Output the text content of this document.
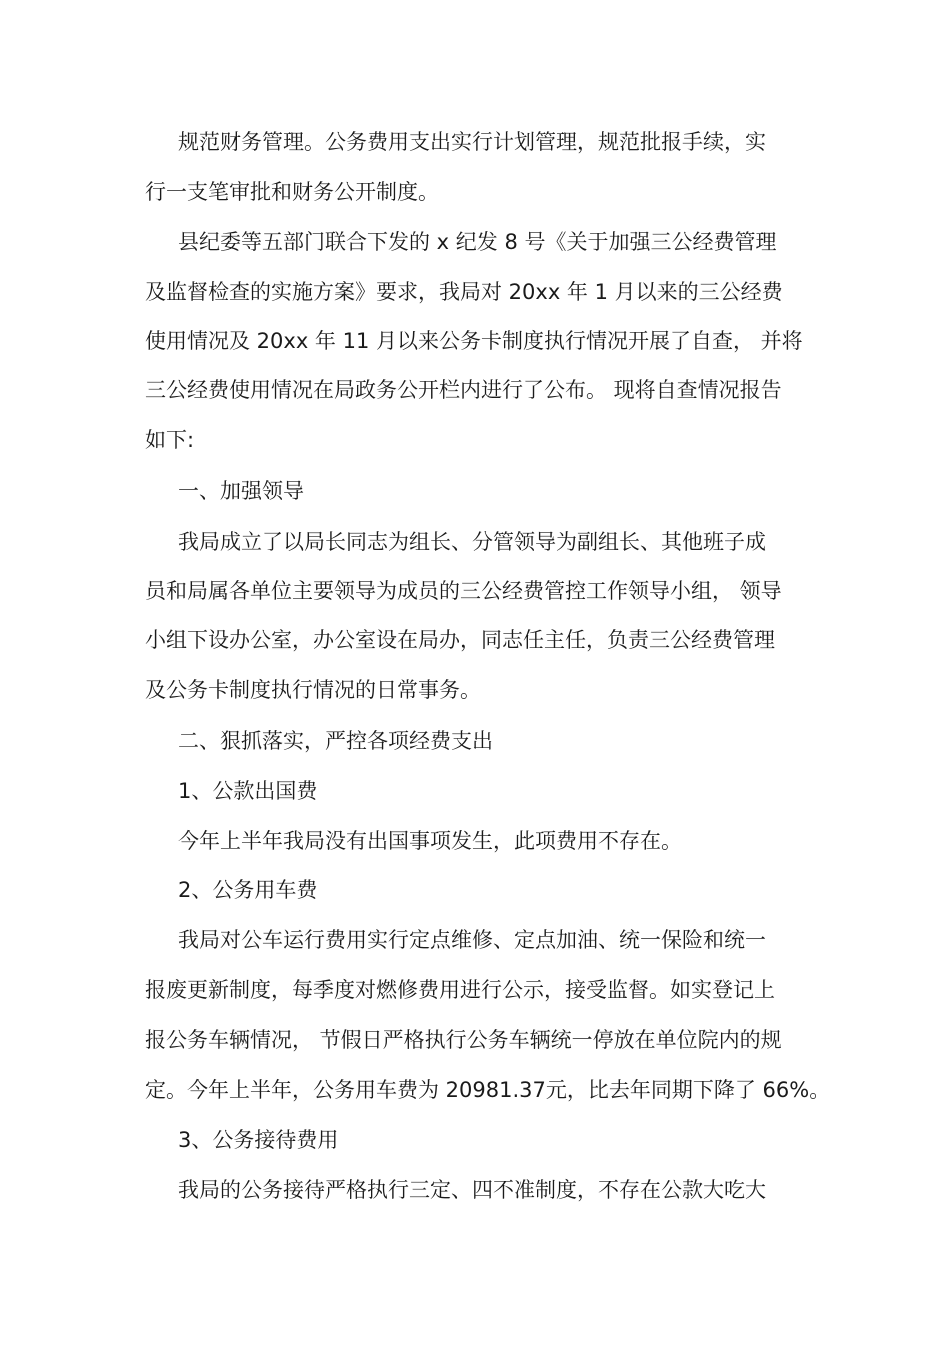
规范财务管理。公务费用支出实行计划管理，规范批报手续，实
行一支笔审批和财务公开制度。
县纪委等五部门联合下发的 x 纪发 8 号《关于加强三公经费管理
及监督检查的实施方案》要求，我局对 20xx 年 1 月以来的三公经费
使用情况及 20xx 年 11 月以来公务卡制度执行情况开展了自查， 并将
三公经费使用情况在局政务公开栏内进行了公布。 现将自查情况报告
如下:
一、加强领导
我局成立了以局长同志为组长、分管领导为副组长、其他班子成
员和局属各单位主要领导为成员的三公经费管控工作领导小组， 领导
小组下设办公室，办公室设在局办，同志任主任，负责三公经费管理
及公务卡制度执行情况的日常事务。
二、狠抓落实，严控各项经费支出
1、公款出国费
今年上半年我局没有出国事项发生，此项费用不存在。
2、公务用车费
我局对公车运行费用实行定点维修、定点加油、统一保险和统一
报废更新制度，每季度对燃修费用进行公示，接受监督。如实登记上
报公务车辆情况， 节假日严格执行公务车辆统一停放在单位院内的规
定。今年上半年，公务用车费为 20981.37元，比去年同期下降了 66%。
3、公务接待费用
我局的公务接待严格执行三定、四不准制度，不存在公款大吃大
